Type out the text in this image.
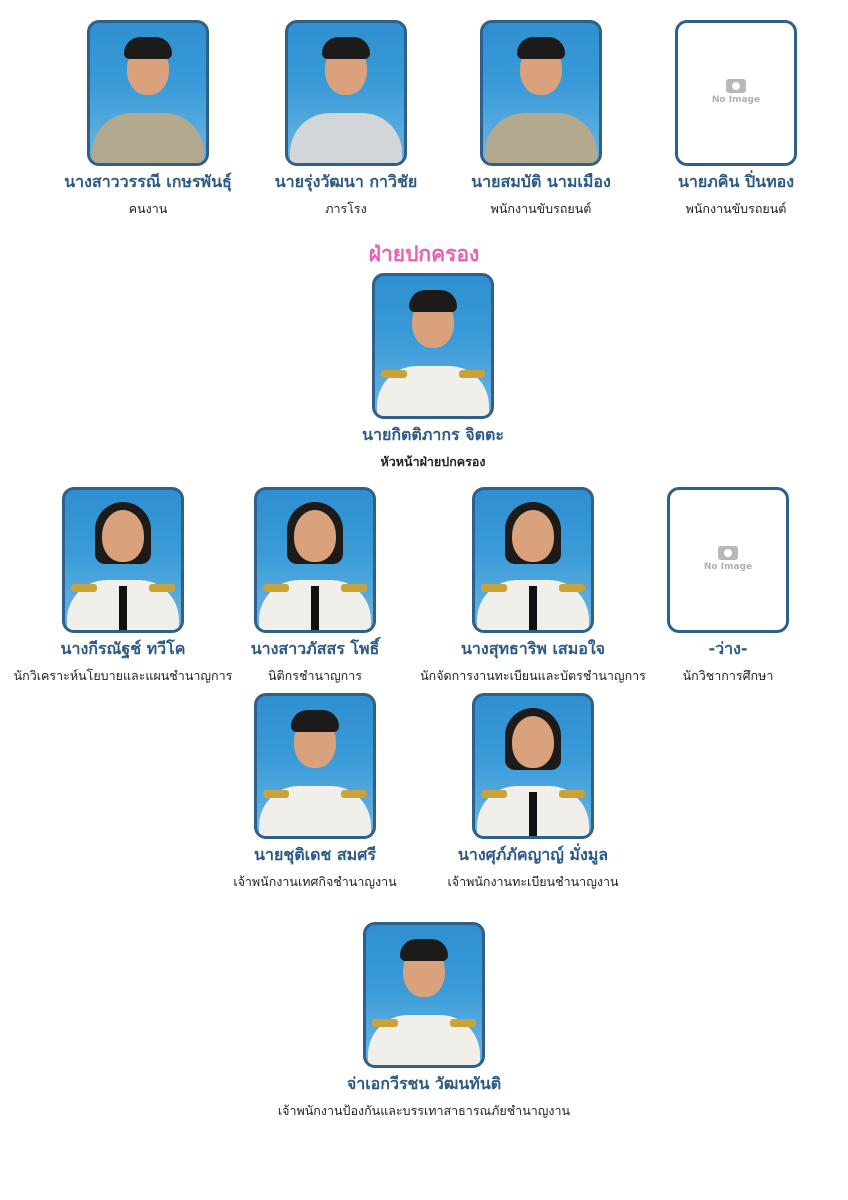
นางสาววรรณี เกษรพันธุ์
คนงาน
นายรุ่งวัฒนา กาวิชัย
ภารโรง
นายสมบัติ นามเมือง
พนักงานขับรถยนต์
No Image
นายภคิน ปิ่นทอง
พนักงานขับรถยนต์
ฝ่ายปกครอง
นายกิตติภากร จิตตะ
หัวหน้าฝ่ายปกครอง
นางกีรณัฐช์ ทวีโค
นักวิเคราะห์นโยบายและแผนชำนาญการ
นางสาวภัสสร โพธิ์
นิติกรชำนาญการ
นางสุทธาริพ เสมอใจ
นักจัดการงานทะเบียนและบัตรชำนาญการ
No Image
-ว่าง-
นักวิชาการศึกษา
นายชุติเดช สมศรี
เจ้าพนักงานเทศกิจชำนาญงาน
นางศุภ์ภัคญาญ์ มั่งมูล
เจ้าพนักงานทะเบียนชำนาญงาน
จ่าเอกวีรชน วัฒนทันติ
เจ้าพนักงานป้องกันและบรรเทาสาธารณภัยชำนาญงาน
